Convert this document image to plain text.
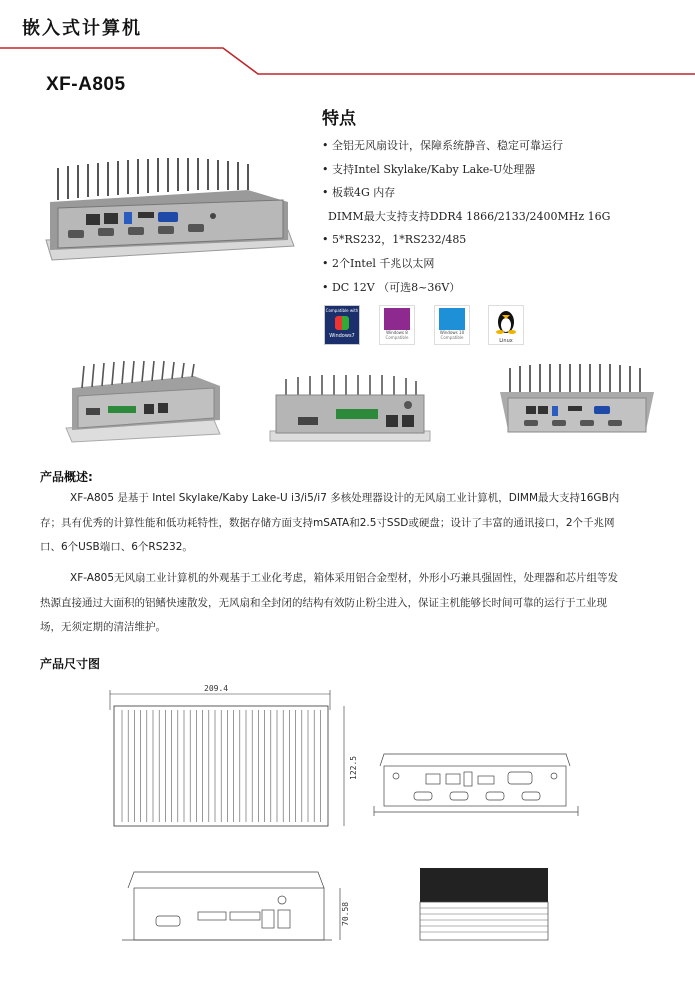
嵌入式计算机
XF-A805
特点
• 全铝无风扇设计，保障系统静音、稳定可靠运行
• 支持Intel Skylake/Kaby Lake-U处理器
• 板载4G 内存
DIMM最大支持支持DDR4 1866/2133/2400MHz 16G
• 5*RS232，1*RS232/485
• 2个Intel 千兆以太网
• DC 12V （可选8~36V）
Compatible with
Windows7
Windows 8
Compatible
Windows 10
Compatible
Linux
产品概述:

XF-A805 是基于 Intel Skylake/Kaby Lake-U i3/i5/i7 多核处理器设计的无风扇工业计算机，DIMM最大支持16GB内存；具有优秀的计算性能和低功耗特性，数据存储方面支持mSATA和2.5寸SSD或硬盘；设计了丰富的通讯接口，2个千兆网口、6个USB端口、6个RS232。

XF-A805无风扇工业计算机的外观基于工业化考虑，箱体采用铝合金型材，外形小巧兼具强固性，处理器和芯片组等发热源直接通过大面积的铝鳍快速散发，无风扇和全封闭的结构有效防止粉尘进入，保证主机能够长时间可靠的运行于工业现场，无须定期的清洁维护。

产品尺寸图
209.4
122.5
70.58
